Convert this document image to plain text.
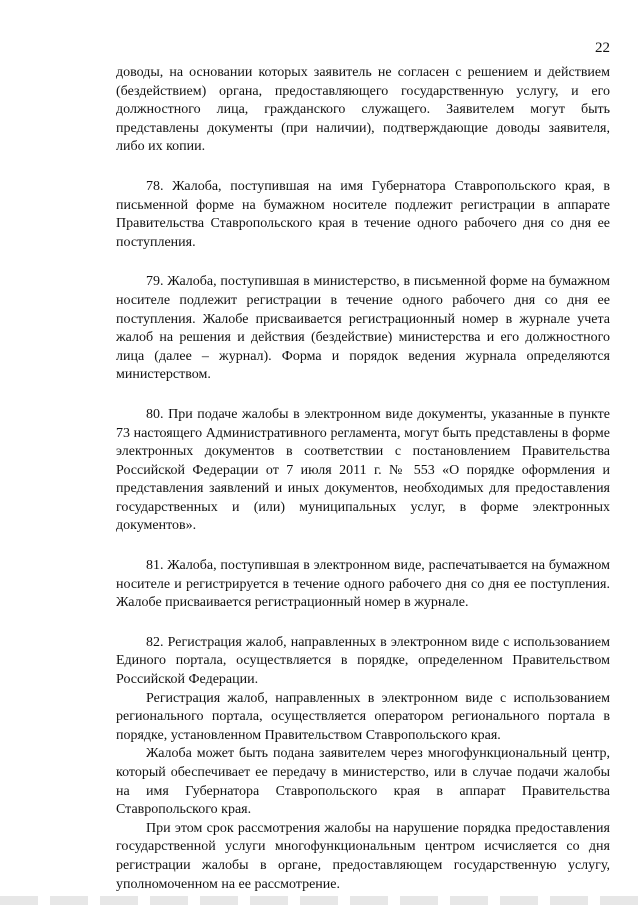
22

доводы, на основании которых заявитель не согласен с решением и действием (бездействием) органа, предоставляющего государственную услугу, и его должностного лица, гражданского служащего. Заявителем могут быть представлены документы (при наличии), подтверждающие доводы заявителя, либо их копии.

78. Жалоба, поступившая на имя Губернатора Ставропольского края, в письменной форме на бумажном носителе подлежит регистрации в аппарате Правительства Ставропольского края в течение одного рабочего дня со дня ее поступления.

79. Жалоба, поступившая в министерство, в письменной форме на бумажном носителе подлежит регистрации в течение одного рабочего дня со дня ее поступления. Жалобе присваивается регистрационный номер в журнале учета жалоб на решения и действия (бездействие) министерства и его должностного лица (далее – журнал). Форма и порядок ведения журнала определяются министерством.

80. При подаче жалобы в электронном виде документы, указанные в пункте 73 настоящего Административного регламента, могут быть представлены в форме электронных документов в соответствии с постановлением Правительства Российской Федерации от 7 июля 2011 г. № 553 «О порядке оформления и представления заявлений и иных документов, необходимых для предоставления государственных и (или) муниципальных услуг, в форме электронных документов».

81. Жалоба, поступившая в электронном виде, распечатывается на бумажном носителе и регистрируется в течение одного рабочего дня со дня ее поступления. Жалобе присваивается регистрационный номер в журнале.

82. Регистрация жалоб, направленных в электронном виде с использованием Единого портала, осуществляется в порядке, определенном Правительством Российской Федерации.

Регистрация жалоб, направленных в электронном виде с использованием регионального портала, осуществляется оператором регионального портала в порядке, установленном Правительством Ставропольского края.

Жалоба может быть подана заявителем через многофункциональный центр, который обеспечивает ее передачу в министерство, или в случае подачи жалобы на имя Губернатора Ставропольского края в аппарат Правительства Ставропольского края.

При этом срок рассмотрения жалобы на нарушение порядка предоставления государственной услуги многофункциональным центром исчисляется со дня регистрации жалобы в органе, предоставляющем государственную услугу, уполномоченном на ее рассмотрение.
